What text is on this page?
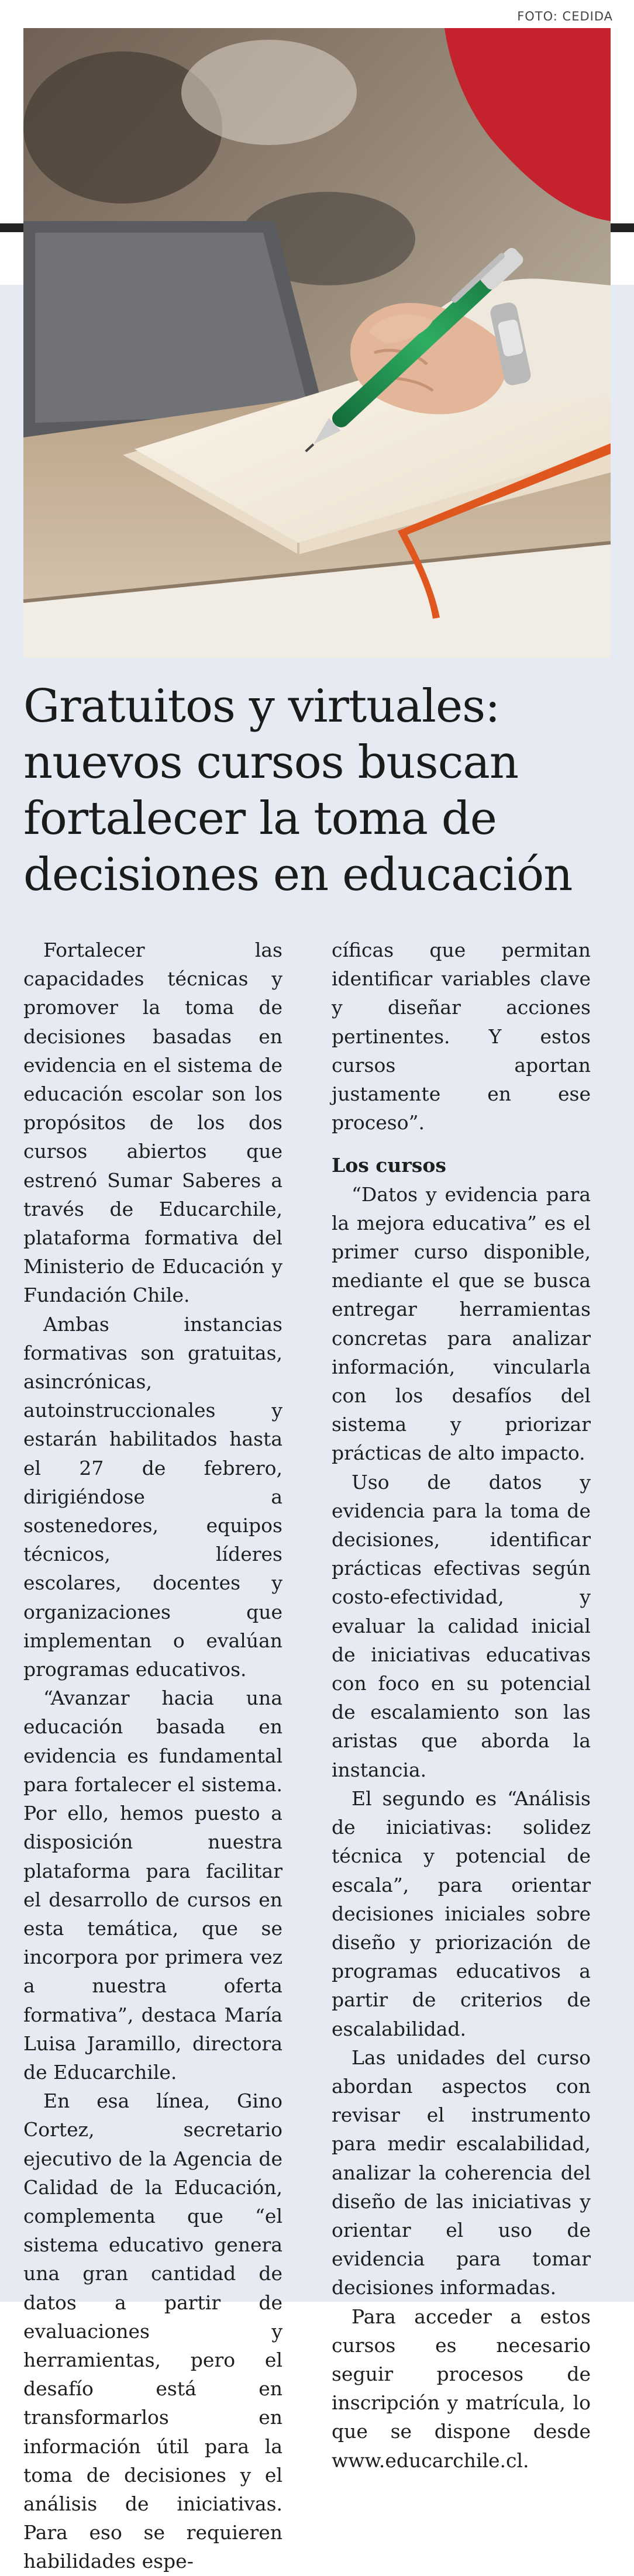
FOTO: CEDIDA
Gratuitos y virtuales: nuevos cursos buscan fortalecer la toma de decisiones en educación

Fortalecer las capacidades técnicas y promover la toma de decisiones basadas en evidencia en el sistema de educación escolar son los propósitos de los dos cursos abiertos que estrenó Sumar Saberes a través de Educarchile, plataforma formativa del Ministerio de Educación y Fundación Chile.

Ambas instancias formativas son gratuitas, asincrónicas, autoinstruccionales y estarán habilitados hasta el 27 de febrero, dirigiéndose a sostenedores, equipos técnicos, líderes escolares, docentes y organizaciones que implementan o evalúan programas educativos.

“Avanzar hacia una educación basada en evidencia es fundamental para fortalecer el sistema. Por ello, hemos puesto a disposición nuestra plataforma para facilitar el desarrollo de cursos en esta temática, que se incorpora por primera vez a nuestra oferta formativa”, destaca María Luisa Jaramillo, directora de Educarchile.

En esa línea, Gino Cortez, secretario ejecutivo de la Agencia de Calidad de la Educación, complementa que “el sistema educativo genera una gran cantidad de datos a partir de evaluaciones y herramientas, pero el desafío está en transformarlos en información útil para la toma de decisiones y el análisis de iniciativas. Para eso se requieren habilidades espe-

cíficas que permitan identificar variables clave y diseñar acciones pertinentes. Y estos cursos aportan justamente en ese proceso”.

Los cursos

“Datos y evidencia para la mejora educativa” es el primer curso disponible, mediante el que se busca entregar herramientas concretas para analizar información, vincularla con los desafíos del sistema y priorizar prácticas de alto impacto.

Uso de datos y evidencia para la toma de decisiones, identificar prácticas efectivas según costo-efectividad, y evaluar la calidad inicial de iniciativas educativas con foco en su potencial de escalamiento son las aristas que aborda la instancia.

El segundo es “Análisis de iniciativas: solidez técnica y potencial de escala”, para orientar decisiones iniciales sobre diseño y priorización de programas educativos a partir de criterios de escalabilidad.

Las unidades del curso abordan aspectos con revisar el instrumento para medir escalabilidad, analizar la coherencia del diseño de las iniciativas y orientar el uso de evidencia para tomar decisiones informadas.

Para acceder a estos cursos es necesario seguir procesos de inscripción y matrícula, lo que se dispone desde www.educarchile.cl.
